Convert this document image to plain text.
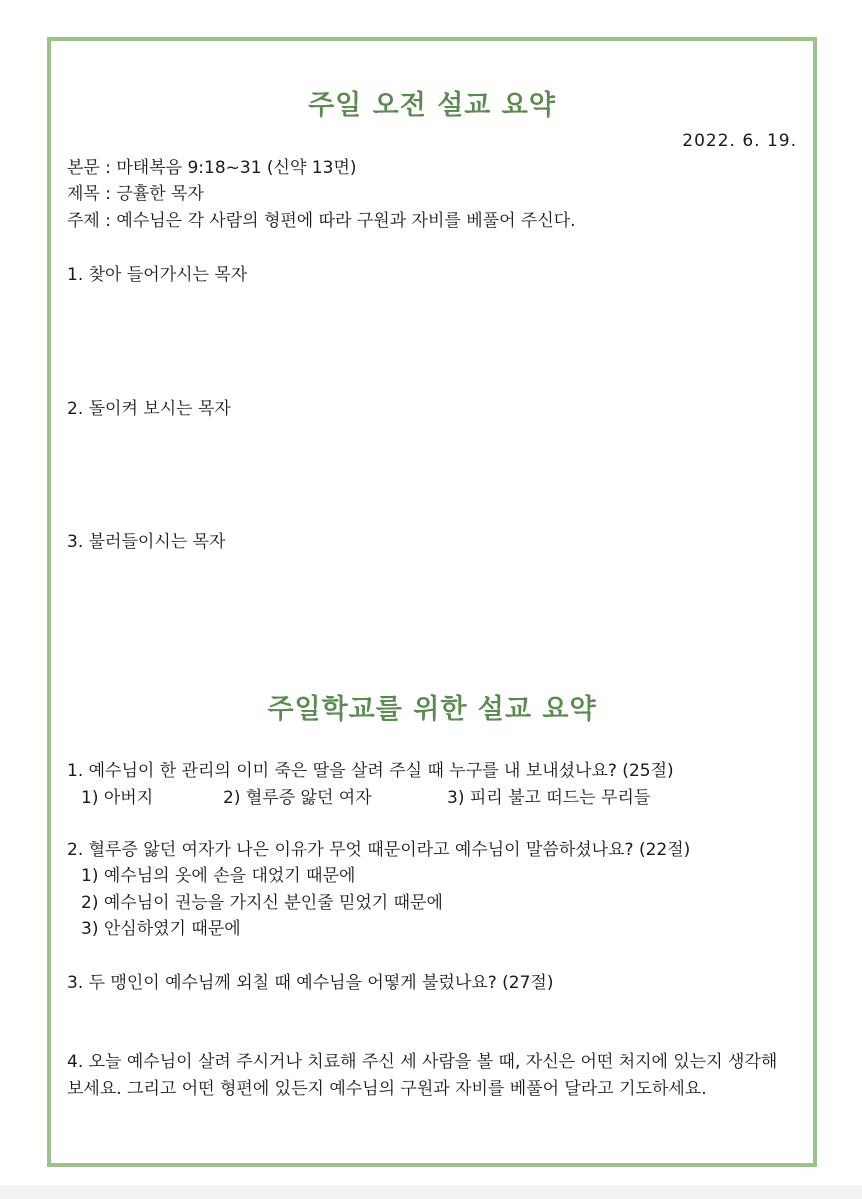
주일 오전 설교 요약
2022. 6. 19.
본문 : 마태복음 9:18~31 (신약 13면)
제목 : 긍휼한 목자
주제 : 예수님은 각 사람의 형편에 따라 구원과 자비를 베풀어 주신다.
1. 찾아 들어가시는 목자
2. 돌이켜 보시는 목자
3. 불러들이시는 목자
주일학교를 위한 설교 요약
1. 예수님이 한 관리의 이미 죽은 딸을 살려 주실 때 누구를 내 보내셨나요? (25절)
1) 아버지	2) 혈루증 앓던 여자	3) 피리 불고 떠드는 무리들
2. 혈루증 앓던 여자가 나은 이유가 무엇 때문이라고 예수님이 말씀하셨나요? (22절)
1) 예수님의 옷에 손을 대었기 때문에
2) 예수님이 권능을 가지신 분인줄 믿었기 때문에
3) 안심하였기 때문에
3. 두 맹인이 예수님께 외칠 때 예수님을 어떻게 불렀나요? (27절)
4. 오늘 예수님이 살려 주시거나 치료해 주신 세 사람을 볼 때, 자신은 어떤 처지에 있는지 생각해 보세요. 그리고 어떤 형편에 있든지 예수님의 구원과 자비를 베풀어 달라고 기도하세요.
